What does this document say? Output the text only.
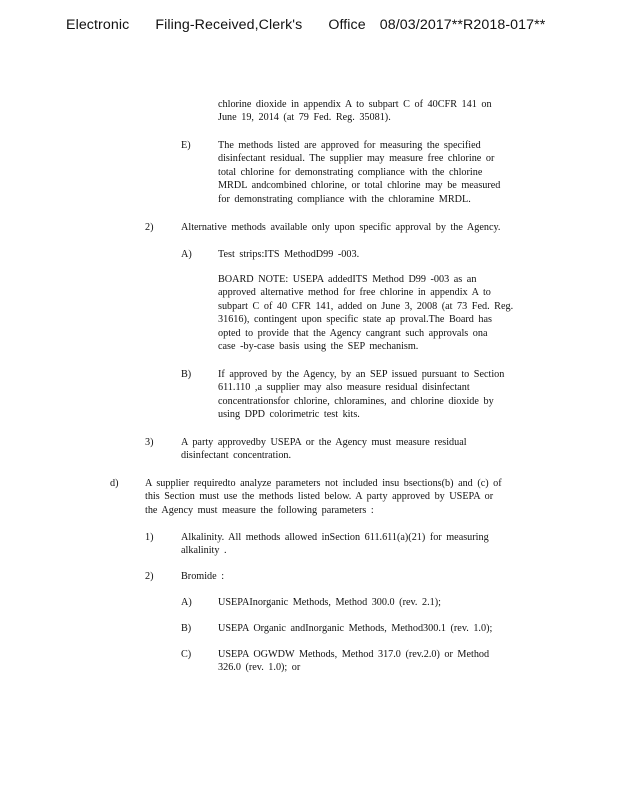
Electronic Filing-Received,Clerk's Office 08/03/2017**R2018-017**
chlorine dioxide in appendix A to subpart C of 40CFR 141 on
June 19, 2014 (at 79 Fed. Reg. 35081).
E)	The methods listed are approved for measuring the specified
disinfectant residual. The supplier may measure free chlorine or
total chlorine for demonstrating compliance with the chlorine
MRDL andcombined chlorine, or total chlorine may be measured
for demonstrating compliance with the chloramine MRDL.
2)	Alternative methods available only upon specific approval by the Agency.
A)	Test strips:ITS MethodD99 -003.
BOARD NOTE: USEPA addedITS Method D99 -003 as an
approved alternative method for free chlorine in appendix A to
subpart C of 40 CFR 141, added on June 3, 2008 (at 73 Fed. Reg.
31616), contingent upon specific state ap proval.The Board has
opted to provide that the Agency cangrant such approvals ona
case -by-case basis using the SEP mechanism.
B)	If approved by the Agency, by an SEP issued pursuant to Section
611.110 ,a supplier may also measure residual disinfectant
concentrationsfor chlorine, chloramines, and chlorine dioxide by
using DPD colorimetric test kits.
3)	A party approvedby USEPA or the Agency must measure residual
disinfectant concentration.
d)	A supplier requiredto analyze parameters not included insu bsections(b) and (c) of
this Section must use the methods listed below. A party approved by USEPA or
the Agency must measure the following parameters :
1)	Alkalinity. All methods allowed inSection 611.611(a)(21) for measuring
alkalinity .
2)	Bromide :
A)	USEPAInorganic Methods, Method 300.0 (rev. 2.1);
B)	USEPA Organic andInorganic Methods, Method300.1 (rev. 1.0);
C)	USEPA OGWDW Methods, Method 317.0 (rev.2.0) or Method
326.0 (rev. 1.0); or
